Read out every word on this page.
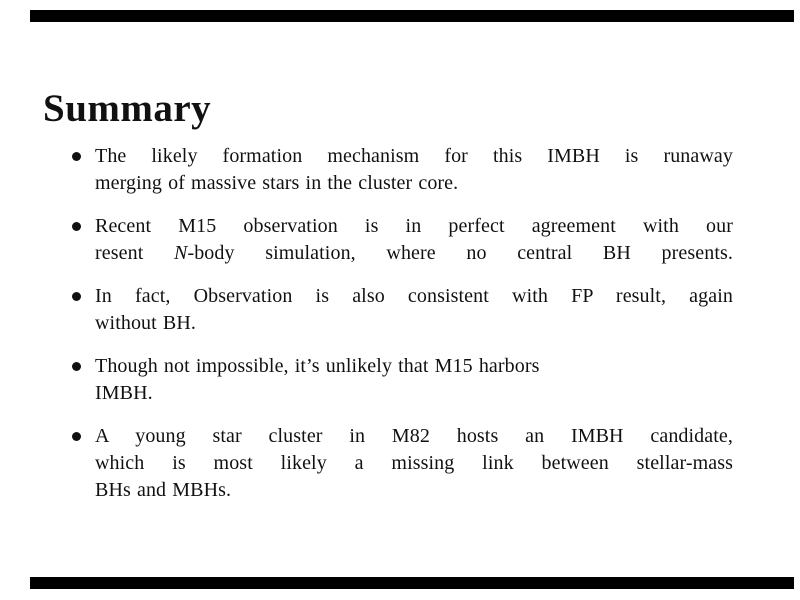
Summary
The likely formation mechanism for this IMBH is runaway
merging of massive stars in the cluster core.
Recent M15 observation is in perfect agreement with our
resent N-body simulation, where no central BH presents.
In fact, Observation is also consistent with FP result, again
without BH.
Though not impossible, it’s unlikely that M15 harbors
IMBH.
A young star cluster in M82 hosts an IMBH candidate,
which is most likely a missing link between stellar-mass
BHs and MBHs.
